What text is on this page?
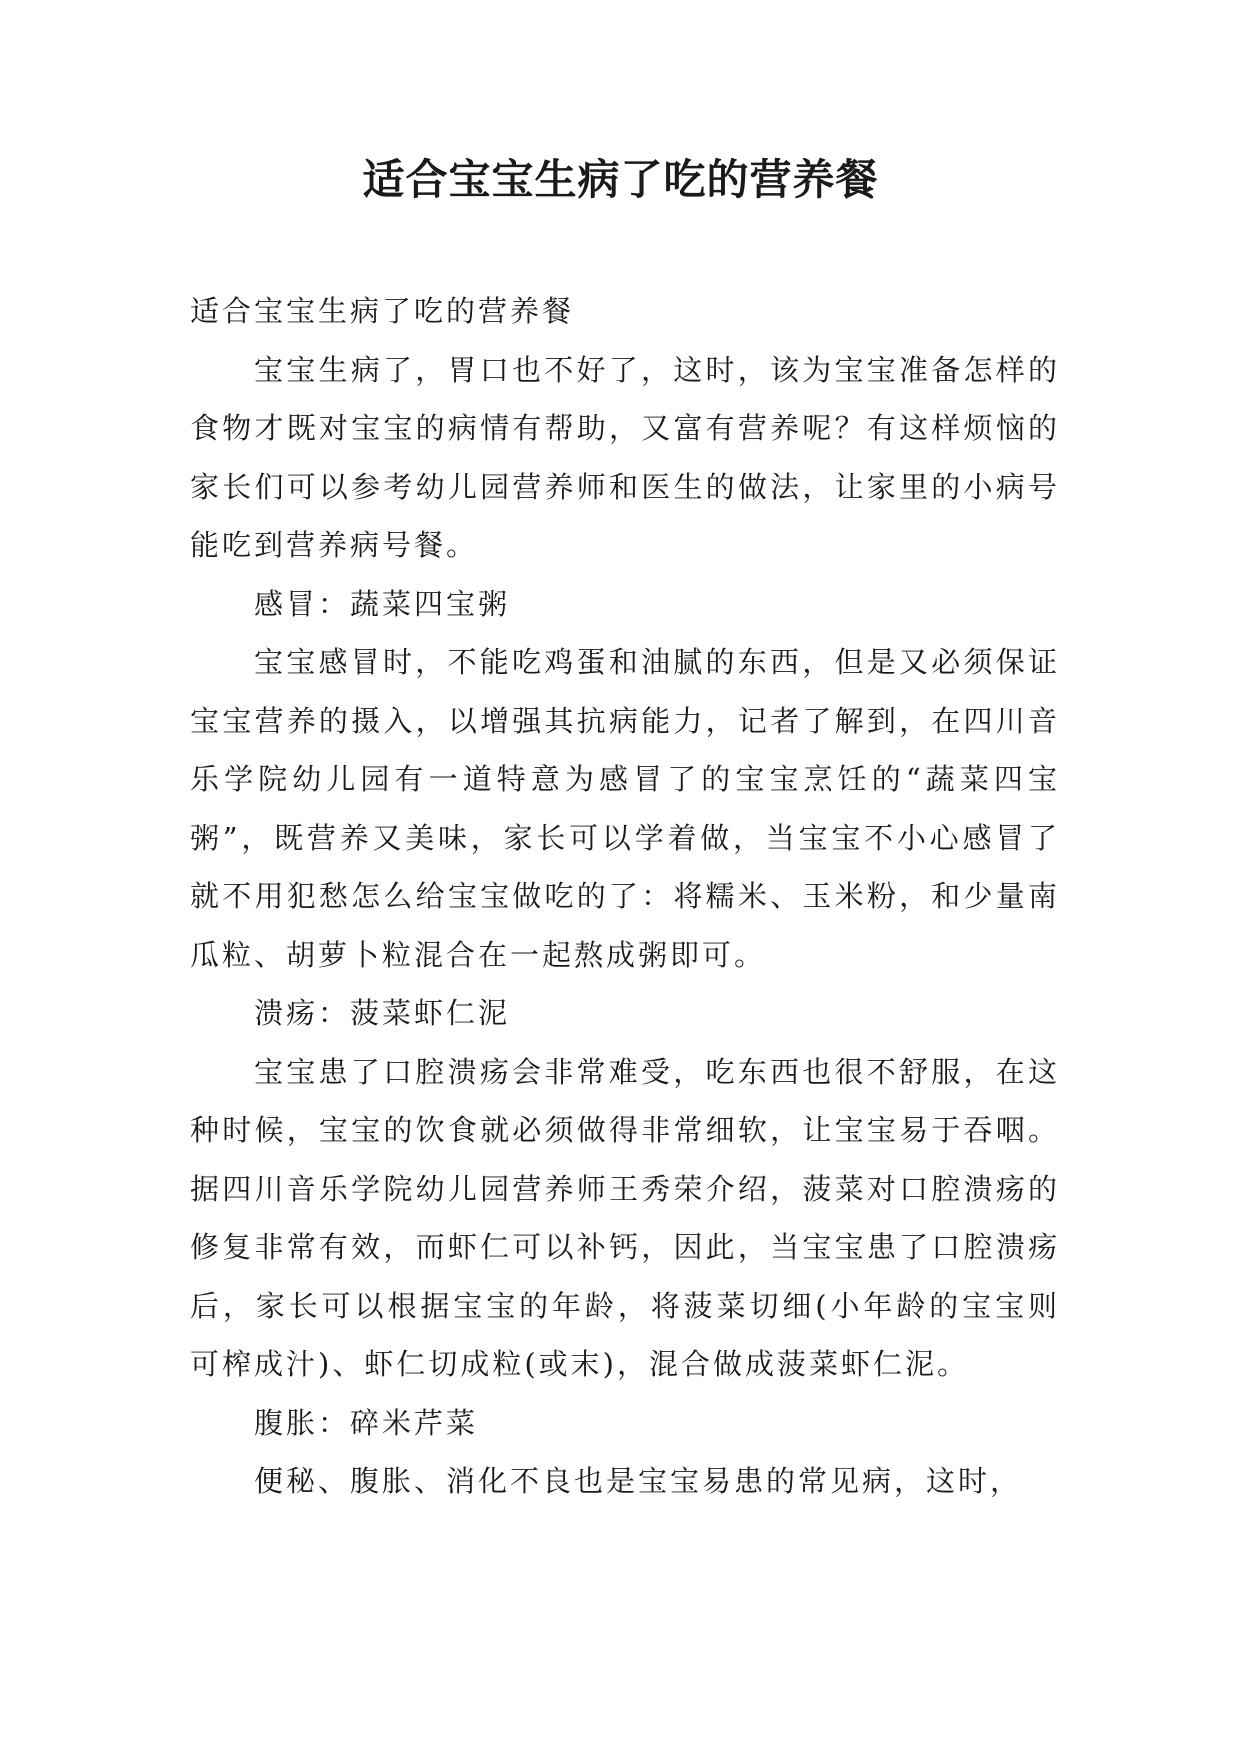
适合宝宝生病了吃的营养餐

适合宝宝生病了吃的营养餐

宝宝生病了，胃口也不好了，这时，该为宝宝准备怎样的食物才既对宝宝的病情有帮助，又富有营养呢？有这样烦恼的家长们可以参考幼儿园营养师和医生的做法，让家里的小病号能吃到营养病号餐。

感冒：蔬菜四宝粥

宝宝感冒时，不能吃鸡蛋和油腻的东西，但是又必须保证宝宝营养的摄入，以增强其抗病能力，记者了解到，在四川音乐学院幼儿园有一道特意为感冒了的宝宝烹饪的“蔬菜四宝粥”，既营养又美味，家长可以学着做，当宝宝不小心感冒了就不用犯愁怎么给宝宝做吃的了：将糯米、玉米粉，和少量南瓜粒、胡萝卜粒混合在一起熬成粥即可。

溃疡：菠菜虾仁泥

宝宝患了口腔溃疡会非常难受，吃东西也很不舒服，在这种时候，宝宝的饮食就必须做得非常细软，让宝宝易于吞咽。据四川音乐学院幼儿园营养师王秀荣介绍，菠菜对口腔溃疡的修复非常有效，而虾仁可以补钙，因此，当宝宝患了口腔溃疡后，家长可以根据宝宝的年龄，将菠菜切细(小年龄的宝宝则可榨成汁)、虾仁切成粒(或末)，混合做成菠菜虾仁泥。

腹胀：碎米芹菜

便秘、腹胀、消化不良也是宝宝易患的常见病，这时，
